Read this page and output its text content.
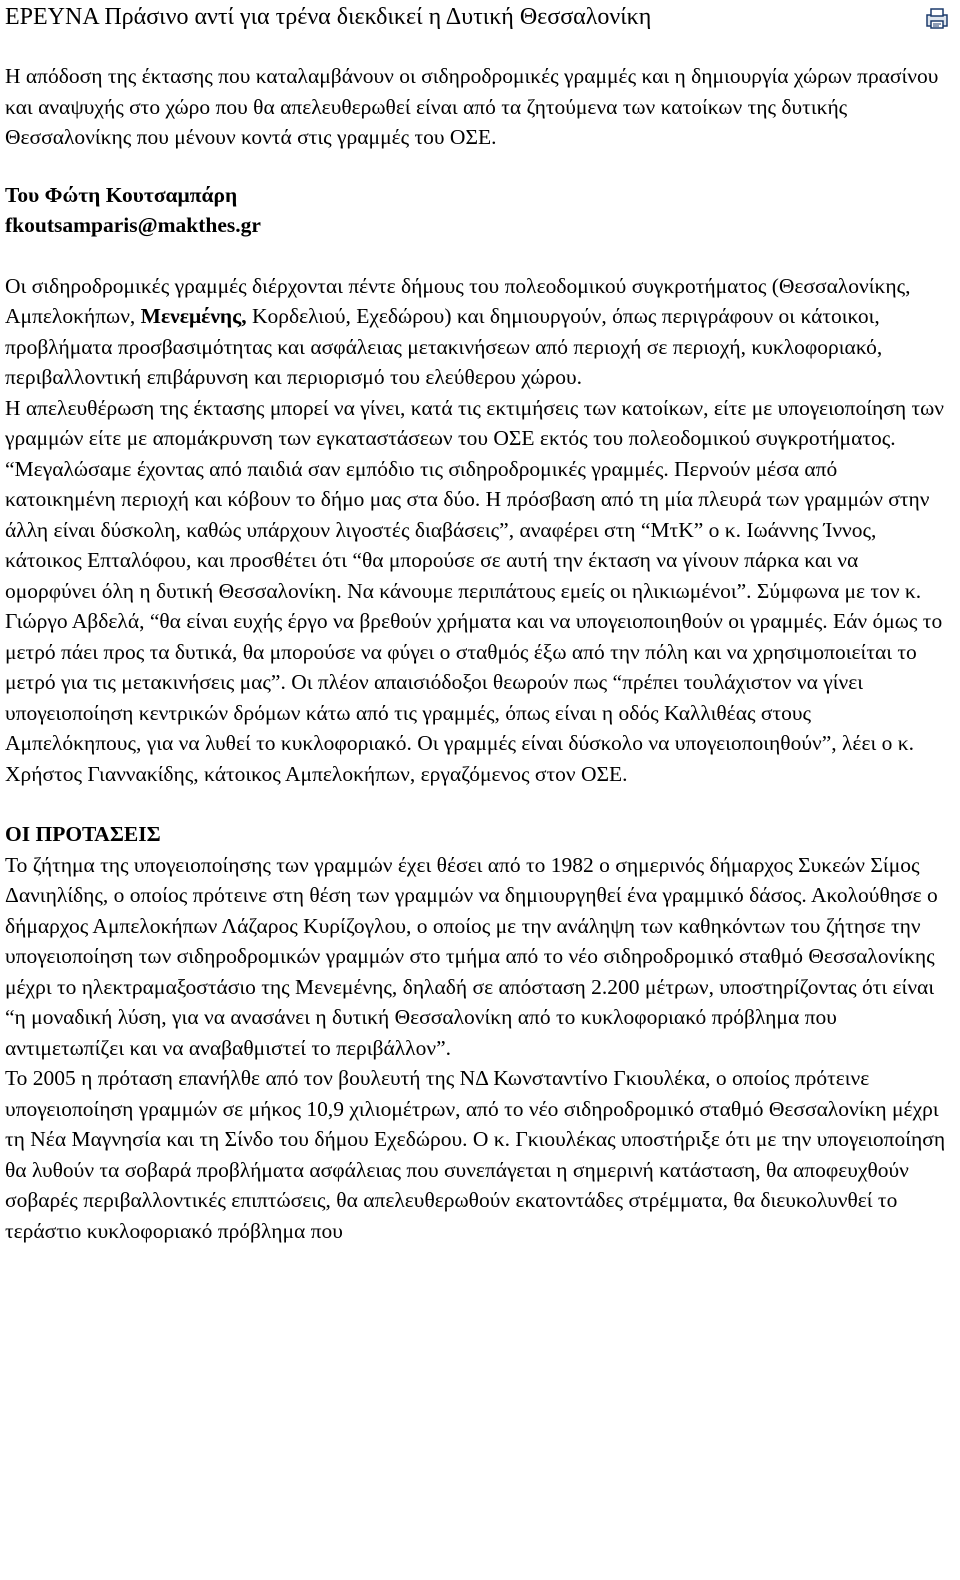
ΕΡΕΥΝΑ Πράσινο αντί για τρένα διεκδικεί η Δυτική Θεσσαλονίκη

Η απόδοση της έκτασης που καταλαμβάνουν οι σιδηροδρομικές γραμμές και η δημιουργία χώρων πρασίνου και αναψυχής στο χώρο που θα απελευθερωθεί είναι από τα ζητούμενα των κατοίκων της δυτικής Θεσσαλονίκης που μένουν κοντά στις γραμμές του ΟΣΕ.

Του Φώτη Κουτσαμπάρη
fkoutsamparis@makthes.gr

Οι σιδηροδρομικές γραμμές διέρχονται πέντε δήμους του πολεοδομικού συγκροτήματος (Θεσσαλονίκης, Αμπελοκήπων, Μενεμένης, Κορδελιού, Εχεδώρου) και δημιουργούν, όπως περιγράφουν οι κάτοικοι, προβλήματα προσβασιμότητας και ασφάλειας μετακινήσεων από περιοχή σε περιοχή, κυκλοφοριακό, περιβαλλοντική επιβάρυνση και περιορισμό του ελεύθερου χώρου.

Η απελευθέρωση της έκτασης μπορεί να γίνει, κατά τις εκτιμήσεις των κατοίκων, είτε με υπογειοποίηση των γραμμών είτε με απομάκρυνση των εγκαταστάσεων του ΟΣΕ εκτός του πολεοδομικού συγκροτήματος.

“Μεγαλώσαμε έχοντας από παιδιά σαν εμπόδιο τις σιδηροδρομικές γραμμές. Περνούν μέσα από κατοικημένη περιοχή και κόβουν το δήμο μας στα δύο. Η πρόσβαση από τη μία πλευρά των γραμμών στην άλλη είναι δύσκολη, καθώς υπάρχουν λιγοστές διαβάσεις”, αναφέρει στη “ΜτΚ” ο κ. Ιωάννης Ίννος, κάτοικος Επταλόφου, και προσθέτει ότι “θα μπορούσε σε αυτή την έκταση να γίνουν πάρκα και να ομορφύνει όλη η δυτική Θεσσαλονίκη. Να κάνουμε περιπάτους εμείς οι ηλικιωμένοι”. Σύμφωνα με τον κ. Γιώργο Αβδελά, “θα είναι ευχής έργο να βρεθούν χρήματα και να υπογειοποιηθούν οι γραμμές. Εάν όμως το μετρό πάει προς τα δυτικά, θα μπορούσε να φύγει ο σταθμός έξω από την πόλη και να χρησιμοποιείται το μετρό για τις μετακινήσεις μας”. Οι πλέον απαισιόδοξοι θεωρούν πως “πρέπει τουλάχιστον να γίνει υπογειοποίηση κεντρικών δρόμων κάτω από τις γραμμές, όπως είναι η οδός Καλλιθέας στους Αμπελόκηπους, για να λυθεί το κυκλοφοριακό. Οι γραμμές είναι δύσκολο να υπογειοποιηθούν”, λέει ο κ. Χρήστος Γιαννακίδης, κάτοικος Αμπελοκήπων, εργαζόμενος στον ΟΣΕ.

ΟΙ ΠΡΟΤΑΣΕΙΣ

Το ζήτημα της υπογειοποίησης των γραμμών έχει θέσει από το 1982 ο σημερινός δήμαρχος Συκεών Σίμος Δανιηλίδης, ο οποίος πρότεινε στη θέση των γραμμών να δημιουργηθεί ένα γραμμικό δάσος. Ακολούθησε ο δήμαρχος Αμπελοκήπων Λάζαρος Κυρίζογλου, ο οποίος με την ανάληψη των καθηκόντων του ζήτησε την υπογειοποίηση των σιδηροδρομικών γραμμών στο τμήμα από το νέο σιδηροδρομικό σταθμό Θεσσαλονίκης μέχρι το ηλεκτραμαξοστάσιο της Μενεμένης, δηλαδή σε απόσταση 2.200 μέτρων, υποστηρίζοντας ότι είναι “η μοναδική λύση, για να ανασάνει η δυτική Θεσσαλονίκη από το κυκλοφοριακό πρόβλημα που αντιμετωπίζει και να αναβαθμιστεί το περιβάλλον”.

Το 2005 η πρόταση επανήλθε από τον βουλευτή της ΝΔ Κωνσταντίνο Γκιουλέκα, ο οποίος πρότεινε υπογειοποίηση γραμμών σε μήκος 10,9 χιλιομέτρων, από το νέο σιδηροδρομικό σταθμό Θεσσαλονίκη μέχρι τη Νέα Μαγνησία και τη Σίνδο του δήμου Εχεδώρου. Ο κ. Γκιουλέκας υποστήριξε ότι με την υπογειοποίηση θα λυθούν τα σοβαρά προβλήματα ασφάλειας που συνεπάγεται η σημερινή κατάσταση, θα αποφευχθούν σοβαρές περιβαλλοντικές επιπτώσεις, θα απελευθερωθούν εκατοντάδες στρέμματα, θα διευκολυνθεί το τεράστιο κυκλοφοριακό πρόβλημα που
